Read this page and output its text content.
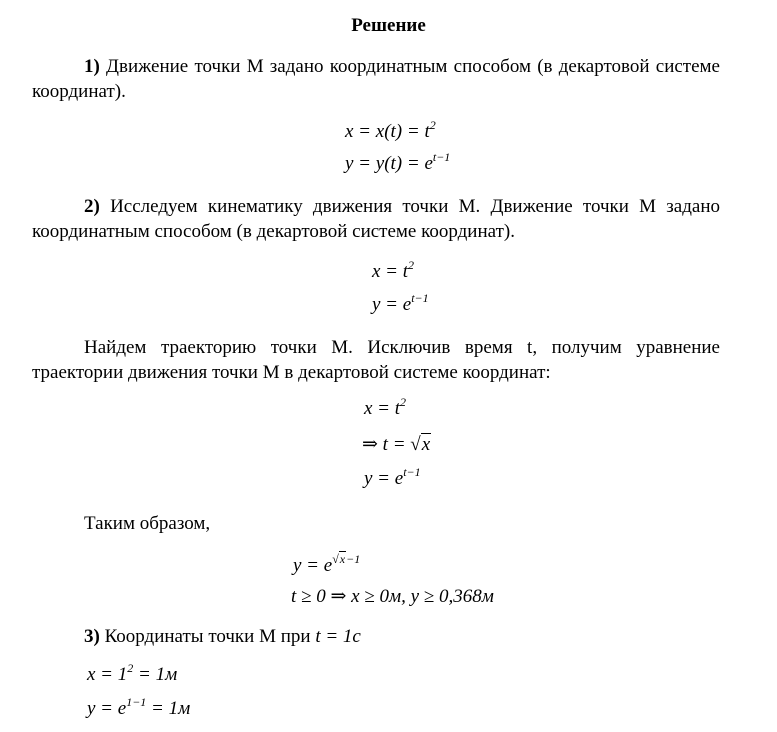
Решение
1) Движение точки М задано координатным способом (в декартовой системе координат).
$x = x(t) = t^2$
$y = y(t) = e^{t-1}$
2) Исследуем кинематику движения точки М. Движение точки М задано координатным способом (в декартовой системе координат).
$x = t^2$
$y = e^{t-1}$
Найдем траекторию точки М. Исключив время t, получим уравнение траектории движения точки М в декартовой системе координат:
$x = t^2$
⇒ t = √x
$y = e^{t-1}$
Таким образом,
$y = e^{√x-1}$
t ≥ 0 ⇒ x ≥ 0м, y ≥ 0,368м
3) Координаты точки М при t = 1c
$x = 1^2 = 1м$
$y = e^{1-1} = 1м$
